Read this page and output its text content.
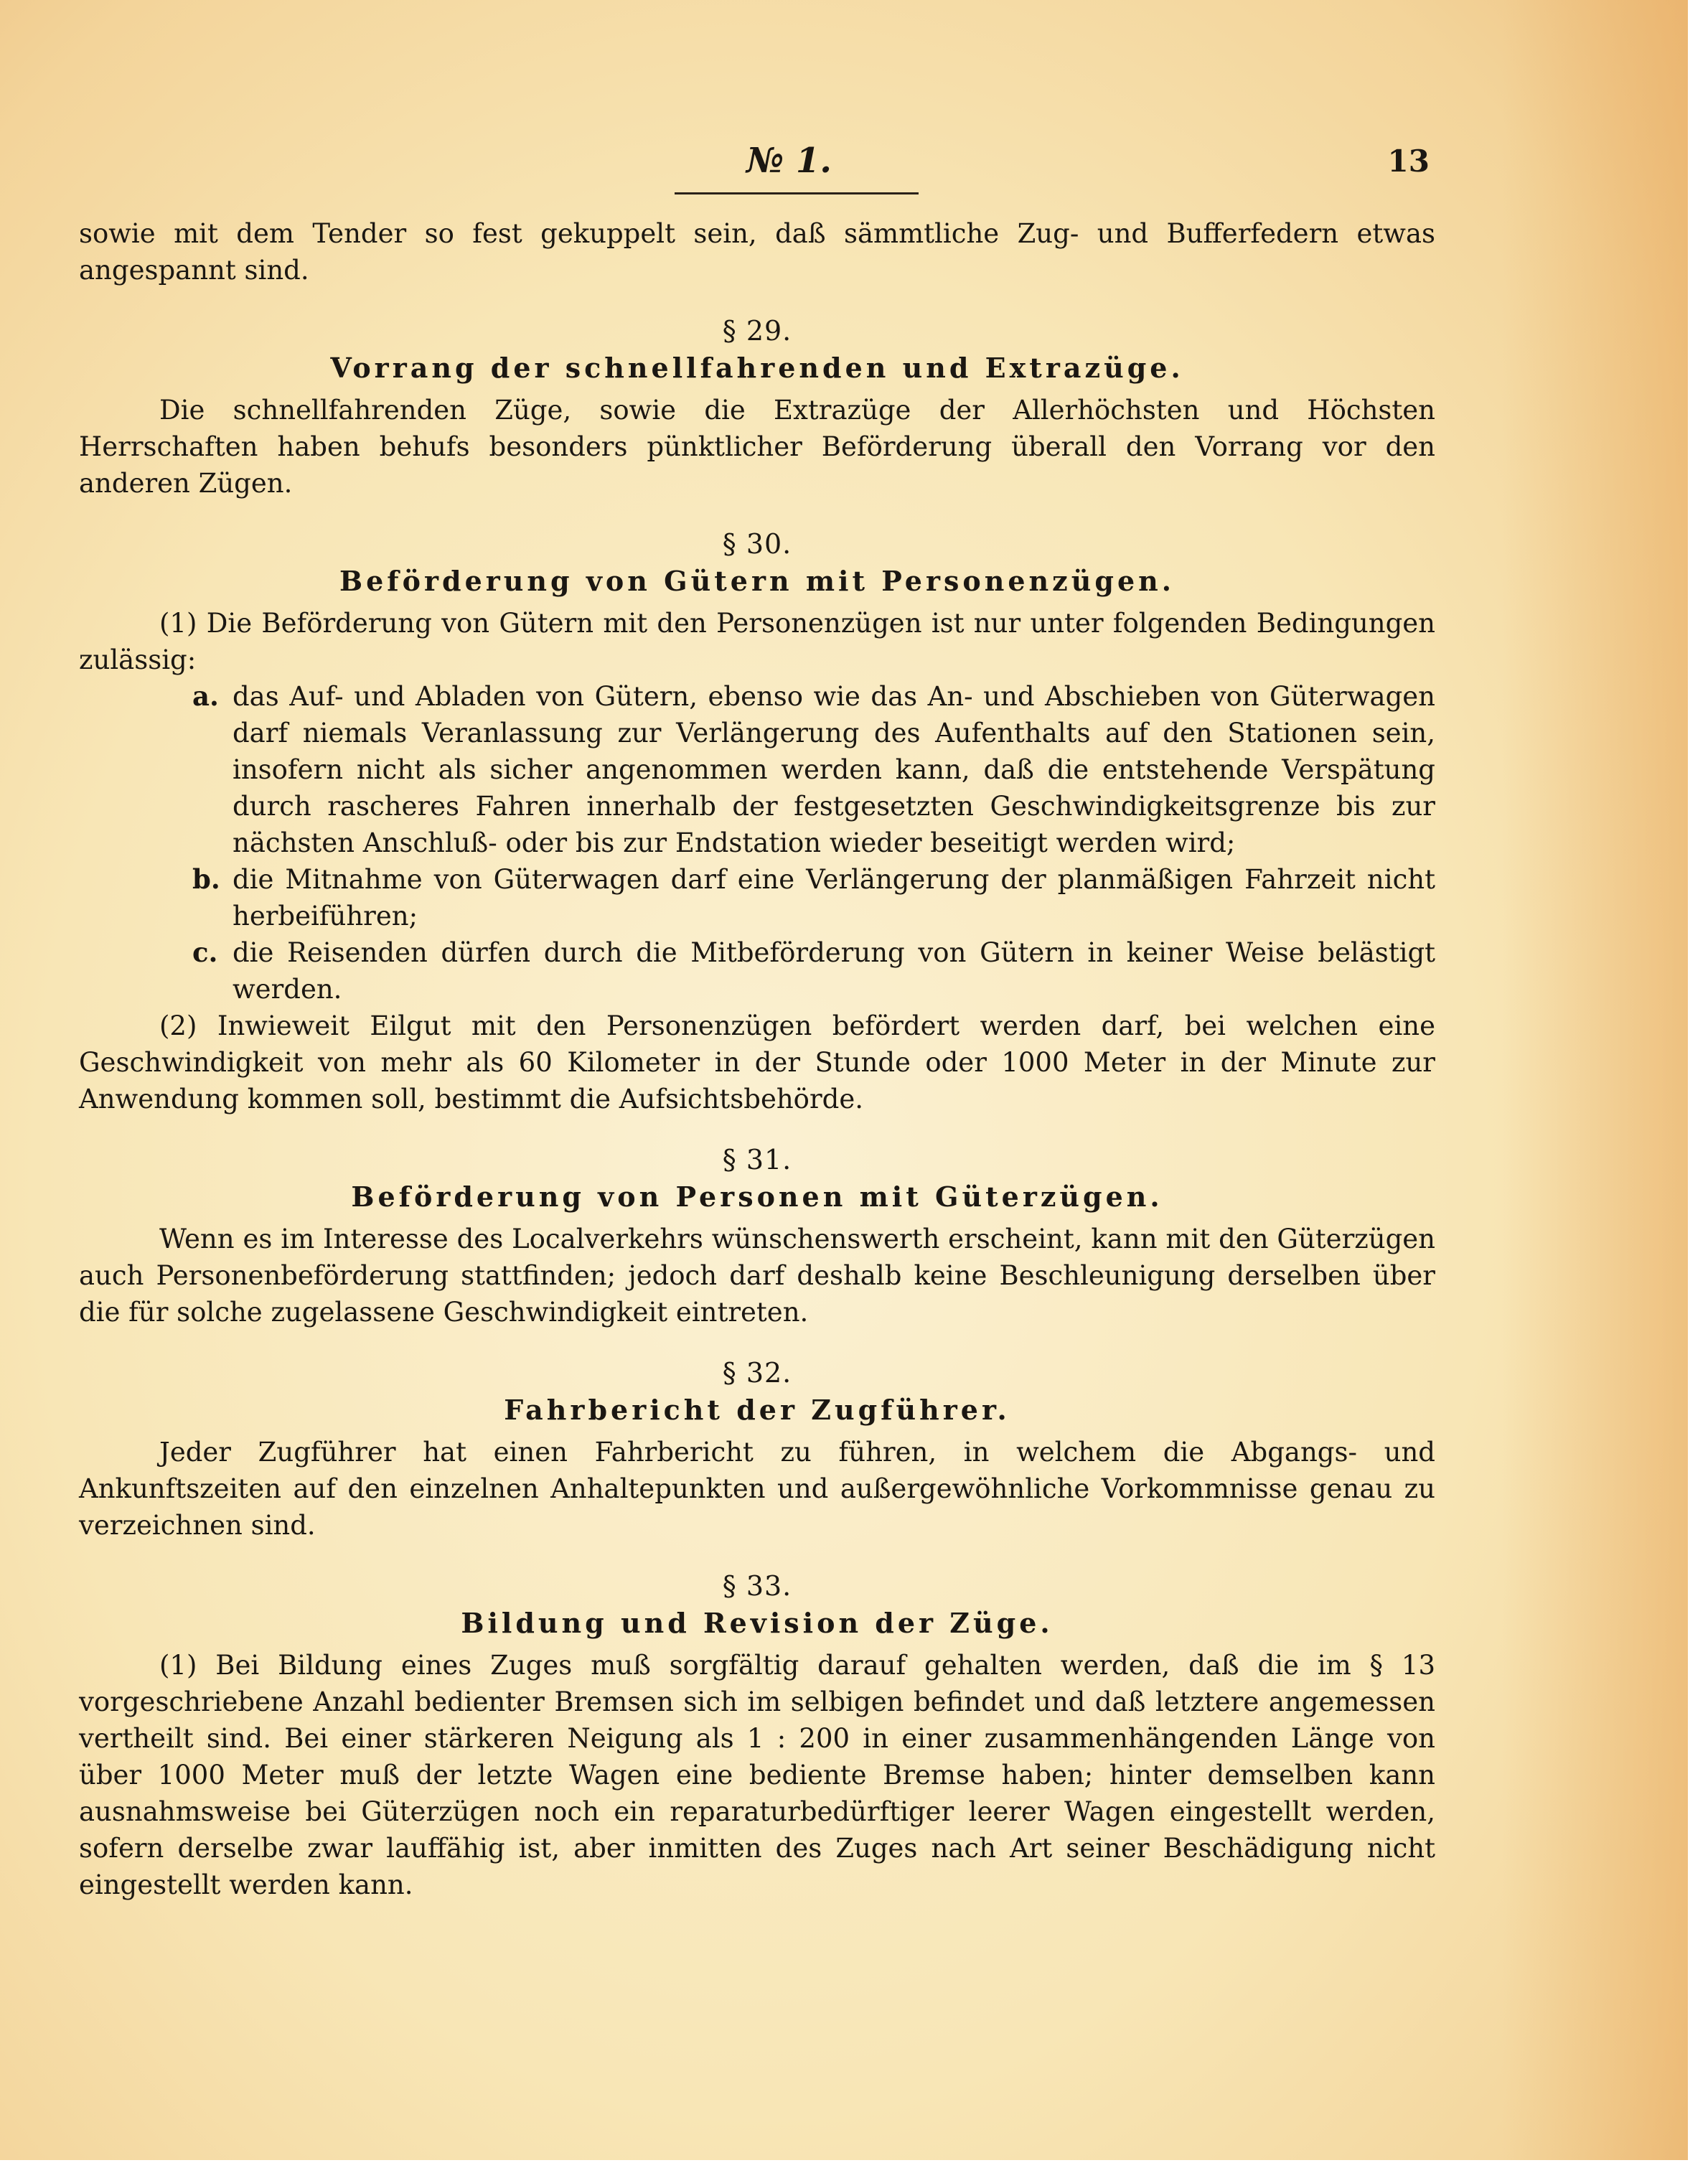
№ 1.	13

sowie mit dem Tender so fest gekuppelt sein, daß sämmtliche Zug- und Bufferfedern etwas angespannt sind.

§ 29.

Vorrang der schnellfahrenden und Extrazüge.

Die schnellfahrenden Züge, sowie die Extrazüge der Allerhöchsten und Höchsten Herrschaften haben behufs besonders pünktlicher Beförderung überall den Vorrang vor den anderen Zügen.

§ 30.

Beförderung von Gütern mit Personenzügen.

(1) Die Beförderung von Gütern mit den Personenzügen ist nur unter folgenden Bedingungen zulässig:

a. das Auf- und Abladen von Gütern, ebenso wie das An- und Abschieben von Güterwagen darf niemals Veranlassung zur Verlängerung des Aufenthalts auf den Stationen sein, insofern nicht als sicher angenommen werden kann, daß die entstehende Verspätung durch rascheres Fahren innerhalb der festgesetzten Geschwindigkeitsgrenze bis zur nächsten Anschluß- oder bis zur Endstation wieder beseitigt werden wird;
b. die Mitnahme von Güterwagen darf eine Verlängerung der planmäßigen Fahrzeit nicht herbeiführen;
c. die Reisenden dürfen durch die Mitbeförderung von Gütern in keiner Weise belästigt werden.

(2) Inwieweit Eilgut mit den Personenzügen befördert werden darf, bei welchen eine Geschwindigkeit von mehr als 60 Kilometer in der Stunde oder 1000 Meter in der Minute zur Anwendung kommen soll, bestimmt die Aufsichtsbehörde.

§ 31.

Beförderung von Personen mit Güterzügen.

Wenn es im Interesse des Localverkehrs wünschenswerth erscheint, kann mit den Güterzügen auch Personenbeförderung stattfinden; jedoch darf deshalb keine Beschleunigung derselben über die für solche zugelassene Geschwindigkeit eintreten.

§ 32.

Fahrbericht der Zugführer.

Jeder Zugführer hat einen Fahrbericht zu führen, in welchem die Abgangs- und Ankunftszeiten auf den einzelnen Anhaltepunkten und außergewöhnliche Vorkommnisse genau zu verzeichnen sind.

§ 33.

Bildung und Revision der Züge.

(1) Bei Bildung eines Zuges muß sorgfältig darauf gehalten werden, daß die im § 13 vorgeschriebene Anzahl bedienter Bremsen sich im selbigen befindet und daß letztere angemessen vertheilt sind. Bei einer stärkeren Neigung als 1 : 200 in einer zusammenhängenden Länge von über 1000 Meter muß der letzte Wagen eine bediente Bremse haben; hinter demselben kann ausnahmsweise bei Güterzügen noch ein reparaturbedürftiger leerer Wagen eingestellt werden, sofern derselbe zwar lauffähig ist, aber inmitten des Zuges nach Art seiner Beschädigung nicht eingestellt werden kann.
